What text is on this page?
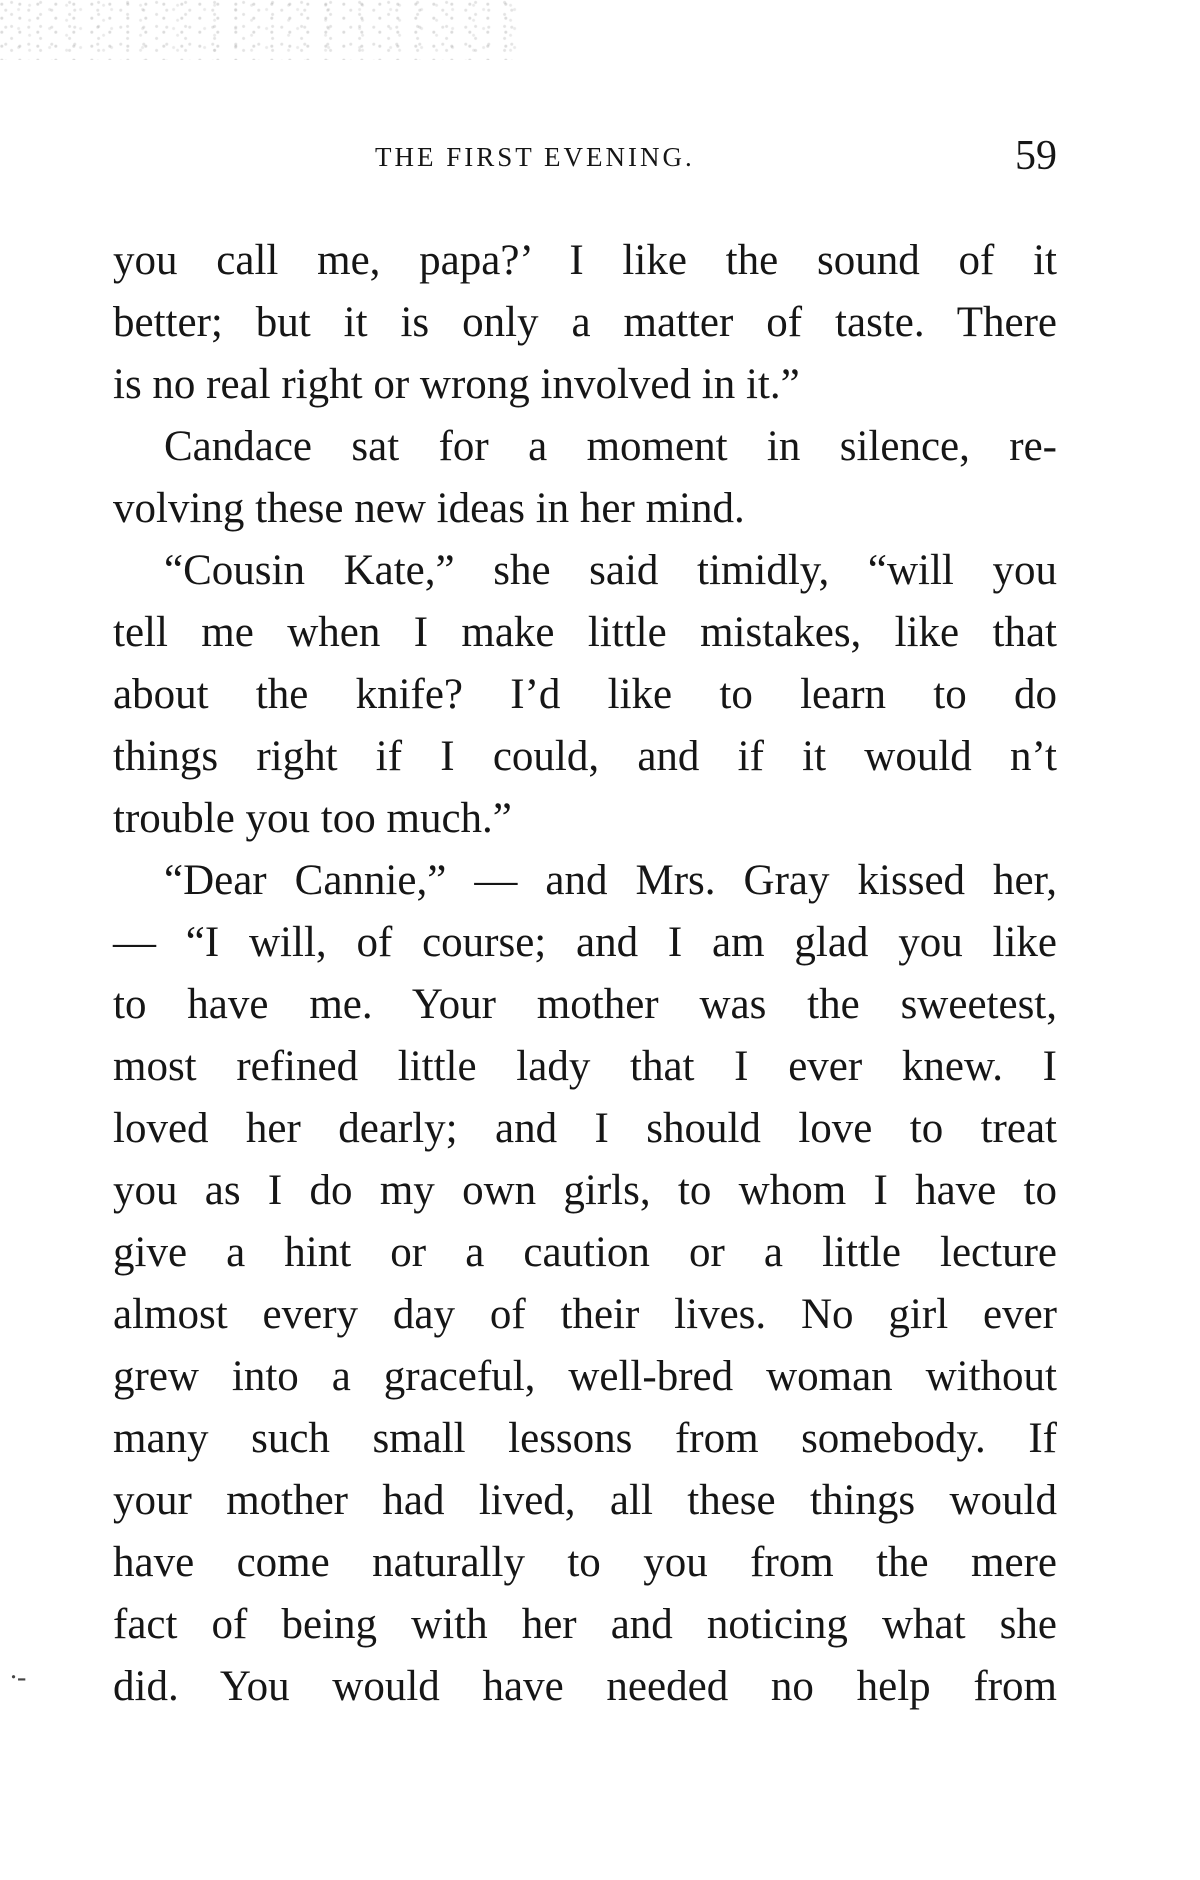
THE FIRST EVENING.	59
you call me, papa?’ I like the sound of it
better; but it is only a matter of taste. There
is no real right or wrong involved in it.”
Candace sat for a moment in silence, re-
volving these new ideas in her mind.
“Cousin Kate,” she said timidly, “will you
tell me when I make little mistakes, like that
about the knife? I’d like to learn to do
things right if I could, and if it would n’t
trouble you too much.”
“Dear Cannie,” — and Mrs. Gray kissed her,
— “I will, of course; and I am glad you like
to have me. Your mother was the sweetest,
most refined little lady that I ever knew. I
loved her dearly; and I should love to treat
you as I do my own girls, to whom I have to
give a hint or a caution or a little lecture
almost every day of their lives. No girl ever
grew into a graceful, well-bred woman without
many such small lessons from somebody. If
your mother had lived, all these things would
have come naturally to you from the mere
fact of being with her and noticing what she
did. You would have needed no help from
∙-
